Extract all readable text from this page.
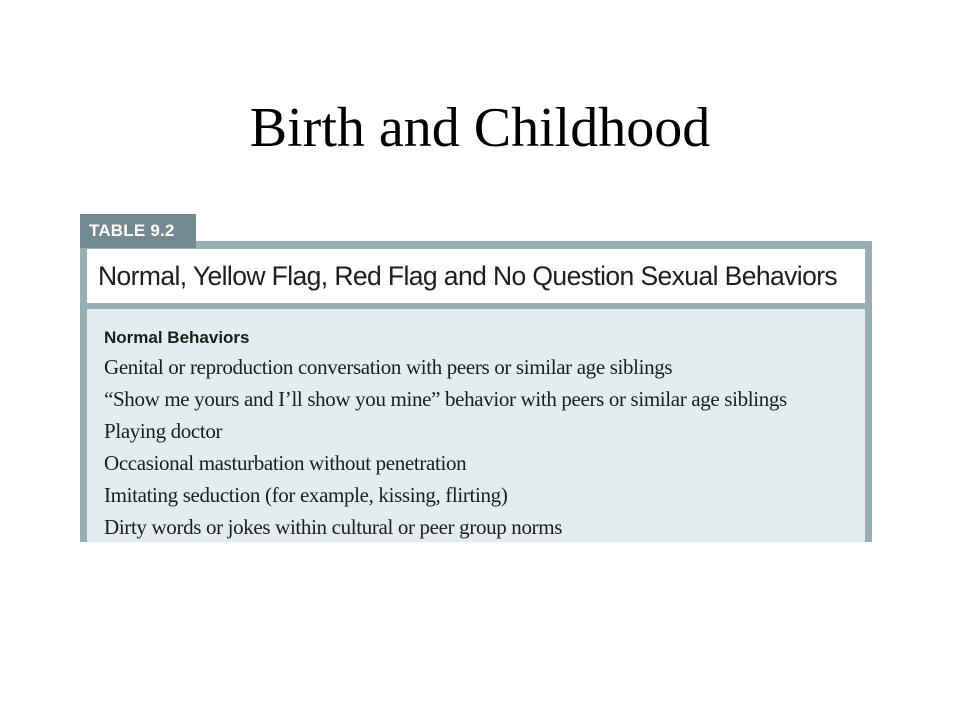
Birth and Childhood
Normal, Yellow Flag, Red Flag and No Question Sexual Behaviors

Normal Behaviors

Genital or reproduction conversation with peers or similar age siblings
“Show me yours and I’ll show you mine” behavior with peers or similar age siblings
Playing doctor
Occasional masturbation without penetration
Imitating seduction (for example, kissing, flirting)
Dirty words or jokes within cultural or peer group norms
TABLE 9.2
